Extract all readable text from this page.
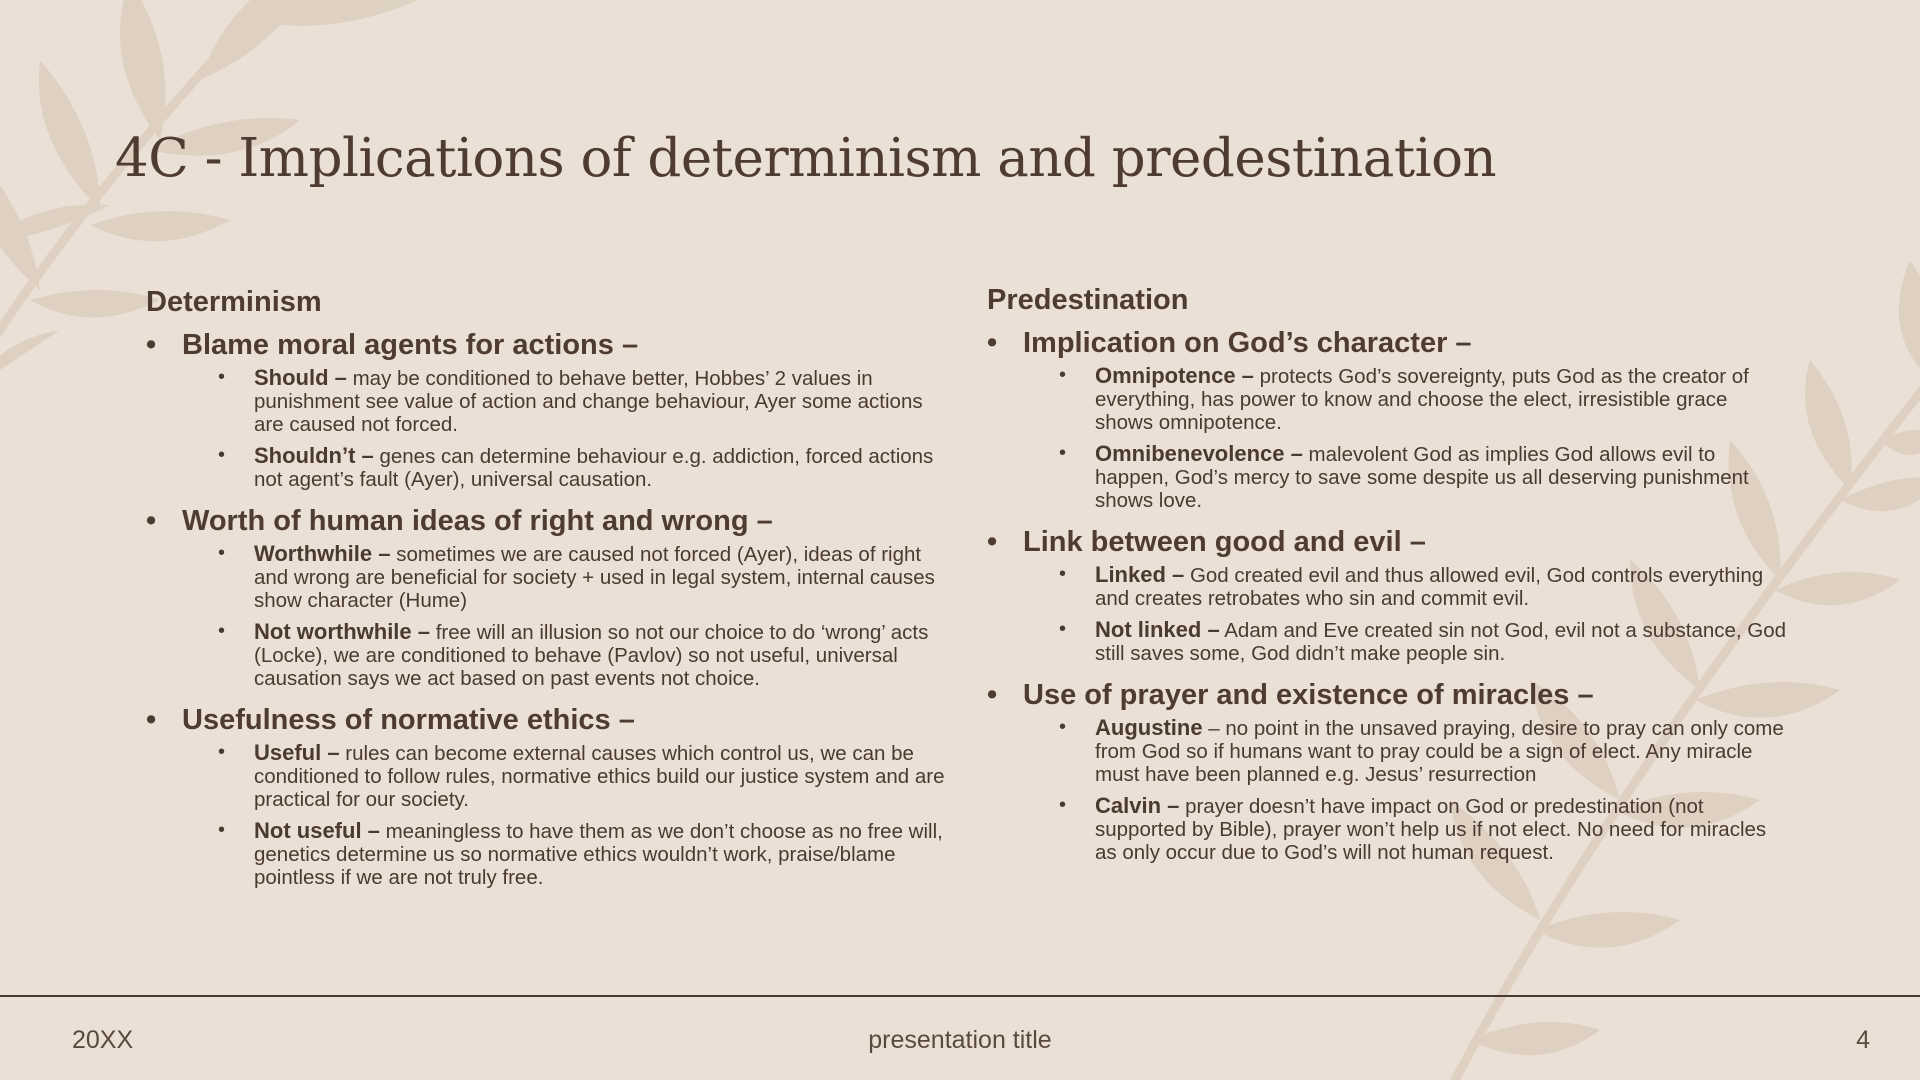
4C - Implications of determinism and predestination
Determinism
• Blame moral agents for actions –
• Should – may be conditioned to behave better, Hobbes’ 2 values in punishment see value of action and change behaviour, Ayer some actions are caused not forced.
• Shouldn’t – genes can determine behaviour e.g. addiction, forced actions not agent’s fault (Ayer), universal causation.
• Worth of human ideas of right and wrong –
• Worthwhile – sometimes we are caused not forced (Ayer), ideas of right and wrong are beneficial for society + used in legal system, internal causes show character (Hume)
• Not worthwhile – free will an illusion so not our choice to do ‘wrong’ acts (Locke), we are conditioned to behave (Pavlov) so not useful, universal causation says we act based on past events not choice.
• Usefulness of normative ethics –
• Useful – rules can become external causes which control us, we can be conditioned to follow rules, normative ethics build our justice system and are practical for our society.
• Not useful – meaningless to have them as we don’t choose as no free will, genetics determine us so normative ethics wouldn’t work, praise/blame pointless if we are not truly free.
Predestination
• Implication on God’s character –
• Omnipotence – protects God’s sovereignty, puts God as the creator of everything, has power to know and choose the elect, irresistible grace shows omnipotence.
• Omnibenevolence – malevolent God as implies God allows evil to happen, God’s mercy to save some despite us all deserving punishment shows love.
• Link between good and evil –
• Linked – God created evil and thus allowed evil, God controls everything and creates retrobates who sin and commit evil.
• Not linked – Adam and Eve created sin not God, evil not a substance, God still saves some, God didn’t make people sin.
• Use of prayer and existence of miracles –
• Augustine – no point in the unsaved praying, desire to pray can only come from God so if humans want to pray could be a sign of elect. Any miracle must have been planned e.g. Jesus’ resurrection
• Calvin – prayer doesn’t have impact on God or predestination (not supported by Bible), prayer won’t help us if not elect. No need for miracles as only occur due to God’s will not human request.
20XX	presentation title	4
